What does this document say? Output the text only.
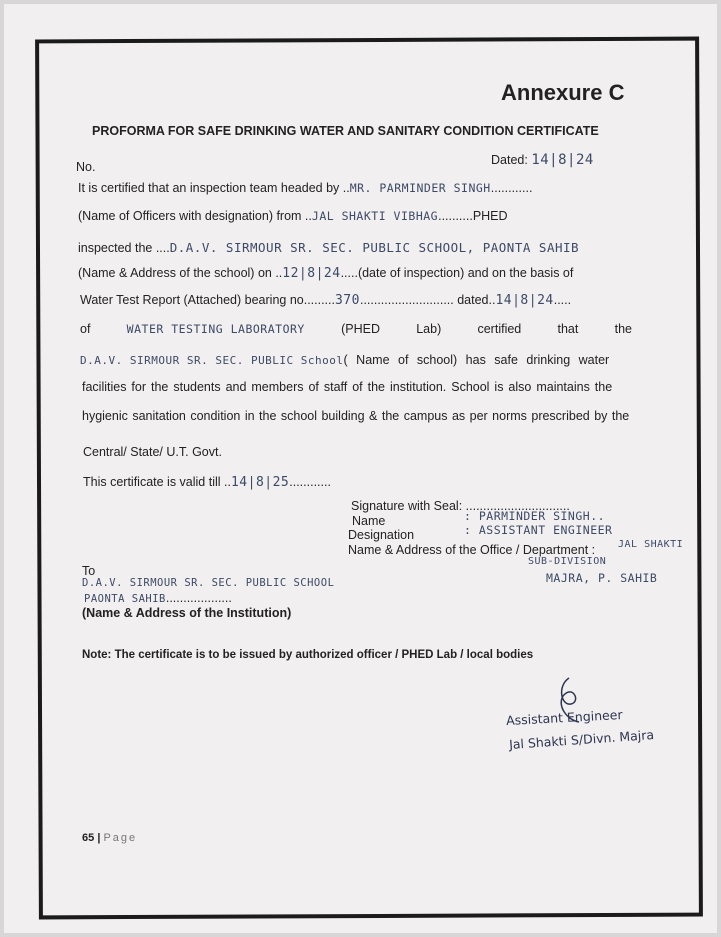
Annexure C
PROFORMA FOR SAFE DRINKING WATER AND SANITARY CONDITION CERTIFICATE
No.	Dated: 14|8|24
It is certified that an inspection team headed by ..MR. PARMINDER SINGH............
(Name of Officers with designation) from ..JAL SHAKTI VIBHAG..........PHED
inspected the ....D.A.V. SIRMOUR SR. SEC. PUBLIC SCHOOL, PAONTA SAHIB
(Name & Address of the school) on ..12|8|24.....(date of inspection) and on the basis of
Water Test Report (Attached) bearing no.........370........................... dated..14|8|24.....
of	WATER TESTING LABORATORY	(PHED	Lab)	certified	that	the
D.A.V. SIRMOUR SR. SEC. PUBLIC School( Name of school) has safe drinking water
facilities for the students and members of staff of the institution. School is also maintains the
hygienic sanitation condition in the school building & the campus as per norms prescribed by the
Central/ State/ U.T. Govt.
This certificate is valid till ..14|8|25............
Signature with Seal: ..............................
Name	: PARMINDER SINGH..
Designation	: ASSISTANT ENGINEER
Name & Address of the Office / Department : JAL SHAKTI
SUB-DIVISION
MAJRA, P. SAHIB
To
D.A.V. SIRMOUR SR. SEC. PUBLIC SCHOOL
PAONTA SAHIB...................
(Name & Address of the Institution)
Note: The certificate is to be issued by authorized officer / PHED Lab / local bodies
Assistant Engineer
Jal Shakti S/Divn. Majra
65 | Page
